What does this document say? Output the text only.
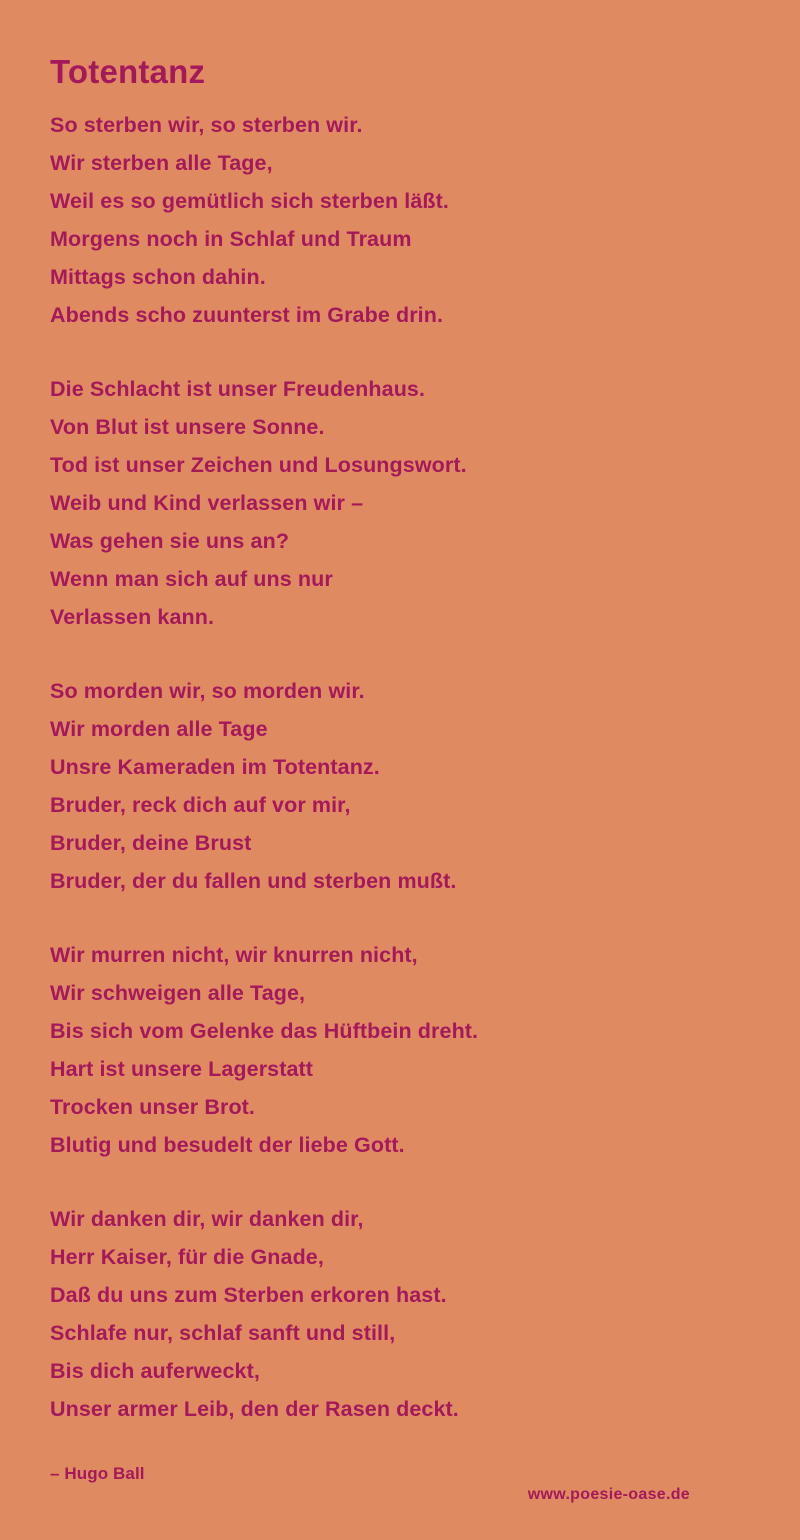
Totentanz
So sterben wir, so sterben wir.
Wir sterben alle Tage,
Weil es so gemütlich sich sterben läßt.
Morgens noch in Schlaf und Traum
Mittags schon dahin.
Abends scho zuunterst im Grabe drin.
Die Schlacht ist unser Freudenhaus.
Von Blut ist unsere Sonne.
Tod ist unser Zeichen und Losungswort.
Weib und Kind verlassen wir –
Was gehen sie uns an?
Wenn man sich auf uns nur
Verlassen kann.
So morden wir, so morden wir.
Wir morden alle Tage
Unsre Kameraden im Totentanz.
Bruder, reck dich auf vor mir,
Bruder, deine Brust
Bruder, der du fallen und sterben mußt.
Wir murren nicht, wir knurren nicht,
Wir schweigen alle Tage,
Bis sich vom Gelenke das Hüftbein dreht.
Hart ist unsere Lagerstatt
Trocken unser Brot.
Blutig und besudelt der liebe Gott.
Wir danken dir, wir danken dir,
Herr Kaiser, für die Gnade,
Daß du uns zum Sterben erkoren hast.
Schlafe nur, schlaf sanft und still,
Bis dich auferweckt,
Unser armer Leib, den der Rasen deckt.
– Hugo Ball
www.poesie-oase.de
